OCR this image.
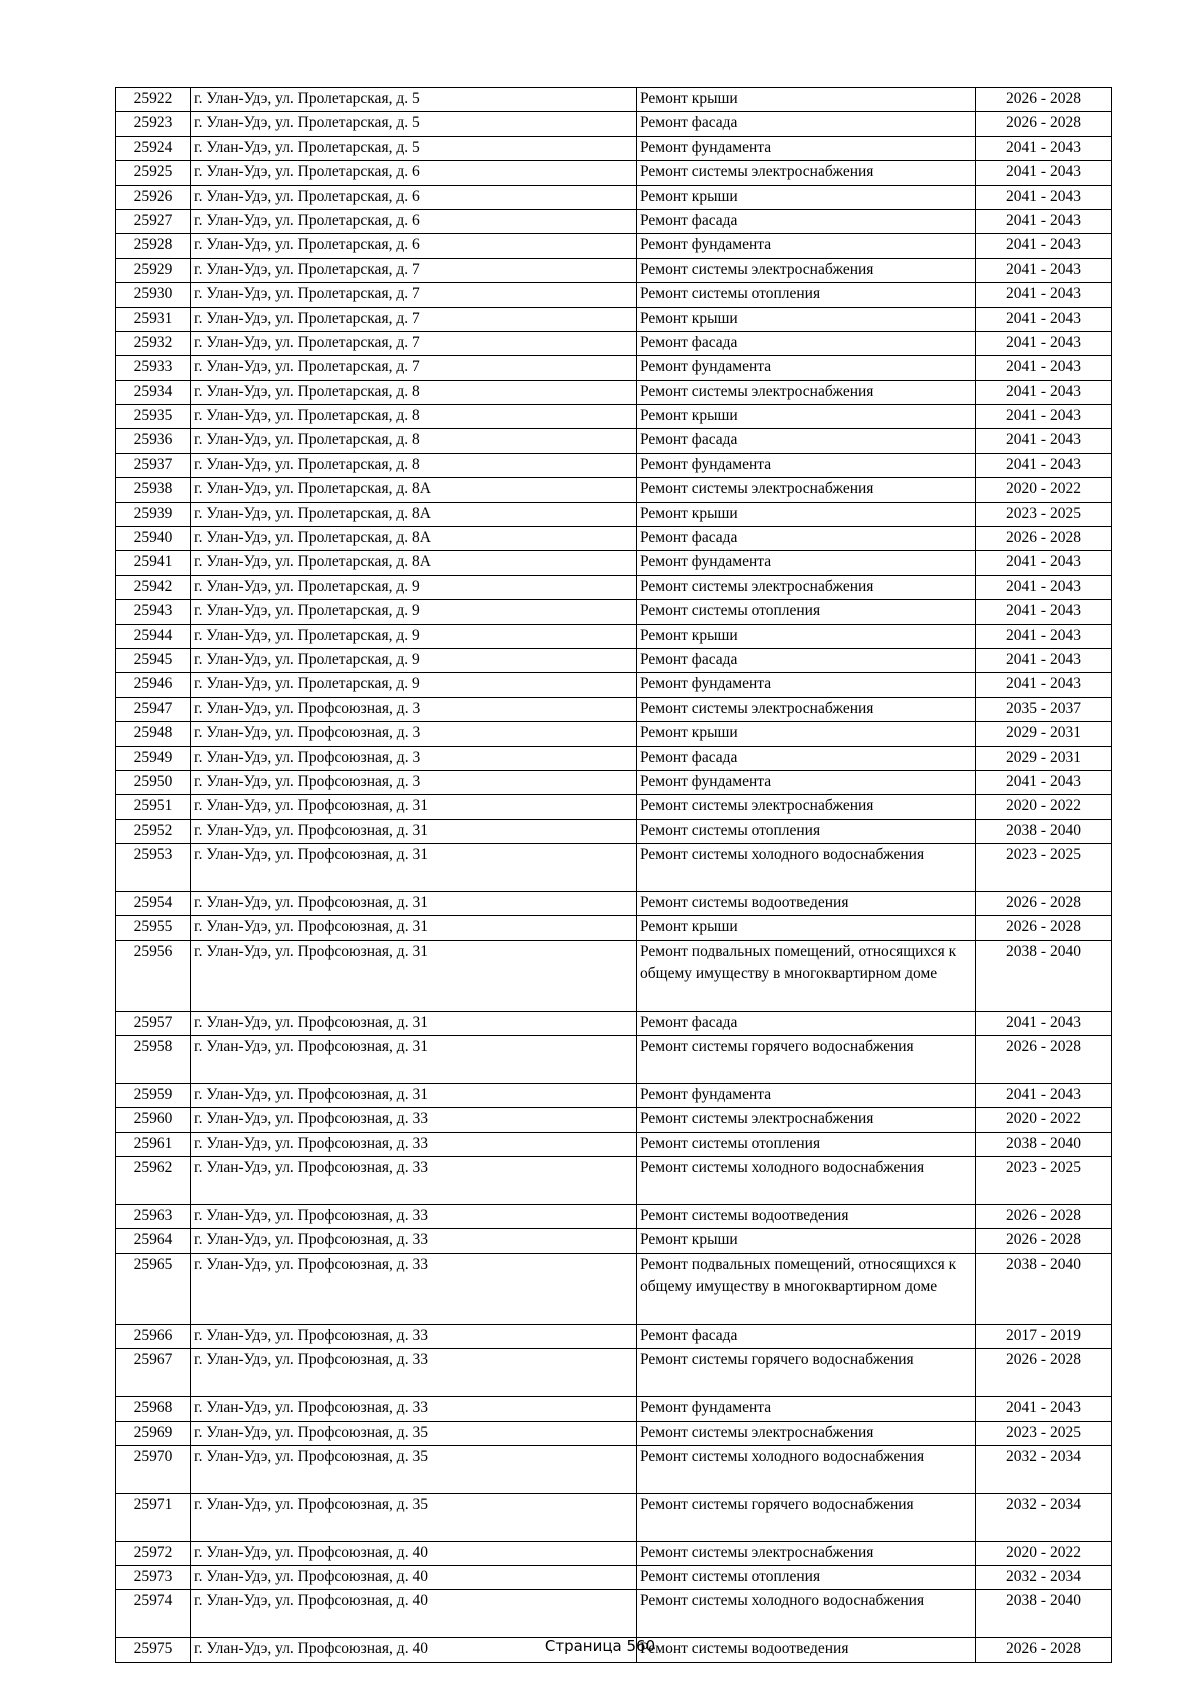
25922	г. Улан-Удэ, ул. Пролетарская, д. 5	Ремонт крыши	2026 - 2028
25923	г. Улан-Удэ, ул. Пролетарская, д. 5	Ремонт фасада	2026 - 2028
25924	г. Улан-Удэ, ул. Пролетарская, д. 5	Ремонт фундамента	2041 - 2043
25925	г. Улан-Удэ, ул. Пролетарская, д. 6	Ремонт системы электроснабжения	2041 - 2043
25926	г. Улан-Удэ, ул. Пролетарская, д. 6	Ремонт крыши	2041 - 2043
25927	г. Улан-Удэ, ул. Пролетарская, д. 6	Ремонт фасада	2041 - 2043
25928	г. Улан-Удэ, ул. Пролетарская, д. 6	Ремонт фундамента	2041 - 2043
25929	г. Улан-Удэ, ул. Пролетарская, д. 7	Ремонт системы электроснабжения	2041 - 2043
25930	г. Улан-Удэ, ул. Пролетарская, д. 7	Ремонт системы отопления	2041 - 2043
25931	г. Улан-Удэ, ул. Пролетарская, д. 7	Ремонт крыши	2041 - 2043
25932	г. Улан-Удэ, ул. Пролетарская, д. 7	Ремонт фасада	2041 - 2043
25933	г. Улан-Удэ, ул. Пролетарская, д. 7	Ремонт фундамента	2041 - 2043
25934	г. Улан-Удэ, ул. Пролетарская, д. 8	Ремонт системы электроснабжения	2041 - 2043
25935	г. Улан-Удэ, ул. Пролетарская, д. 8	Ремонт крыши	2041 - 2043
25936	г. Улан-Удэ, ул. Пролетарская, д. 8	Ремонт фасада	2041 - 2043
25937	г. Улан-Удэ, ул. Пролетарская, д. 8	Ремонт фундамента	2041 - 2043
25938	г. Улан-Удэ, ул. Пролетарская, д. 8А	Ремонт системы электроснабжения	2020 - 2022
25939	г. Улан-Удэ, ул. Пролетарская, д. 8А	Ремонт крыши	2023 - 2025
25940	г. Улан-Удэ, ул. Пролетарская, д. 8А	Ремонт фасада	2026 - 2028
25941	г. Улан-Удэ, ул. Пролетарская, д. 8А	Ремонт фундамента	2041 - 2043
25942	г. Улан-Удэ, ул. Пролетарская, д. 9	Ремонт системы электроснабжения	2041 - 2043
25943	г. Улан-Удэ, ул. Пролетарская, д. 9	Ремонт системы отопления	2041 - 2043
25944	г. Улан-Удэ, ул. Пролетарская, д. 9	Ремонт крыши	2041 - 2043
25945	г. Улан-Удэ, ул. Пролетарская, д. 9	Ремонт фасада	2041 - 2043
25946	г. Улан-Удэ, ул. Пролетарская, д. 9	Ремонт фундамента	2041 - 2043
25947	г. Улан-Удэ, ул. Профсоюзная, д. 3	Ремонт системы электроснабжения	2035 - 2037
25948	г. Улан-Удэ, ул. Профсоюзная, д. 3	Ремонт крыши	2029 - 2031
25949	г. Улан-Удэ, ул. Профсоюзная, д. 3	Ремонт фасада	2029 - 2031
25950	г. Улан-Удэ, ул. Профсоюзная, д. 3	Ремонт фундамента	2041 - 2043
25951	г. Улан-Удэ, ул. Профсоюзная, д. 31	Ремонт системы электроснабжения	2020 - 2022
25952	г. Улан-Удэ, ул. Профсоюзная, д. 31	Ремонт системы отопления	2038 - 2040
25953	г. Улан-Удэ, ул. Профсоюзная, д. 31	Ремонт системы холодного водоснабжения	2023 - 2025
25954	г. Улан-Удэ, ул. Профсоюзная, д. 31	Ремонт системы водоотведения	2026 - 2028
25955	г. Улан-Удэ, ул. Профсоюзная, д. 31	Ремонт крыши	2026 - 2028
25956	г. Улан-Удэ, ул. Профсоюзная, д. 31	Ремонт подвальных помещений, относящихся к общему имуществу в многоквартирном доме	2038 - 2040
25957	г. Улан-Удэ, ул. Профсоюзная, д. 31	Ремонт фасада	2041 - 2043
25958	г. Улан-Удэ, ул. Профсоюзная, д. 31	Ремонт системы горячего водоснабжения	2026 - 2028
25959	г. Улан-Удэ, ул. Профсоюзная, д. 31	Ремонт фундамента	2041 - 2043
25960	г. Улан-Удэ, ул. Профсоюзная, д. 33	Ремонт системы электроснабжения	2020 - 2022
25961	г. Улан-Удэ, ул. Профсоюзная, д. 33	Ремонт системы отопления	2038 - 2040
25962	г. Улан-Удэ, ул. Профсоюзная, д. 33	Ремонт системы холодного водоснабжения	2023 - 2025
25963	г. Улан-Удэ, ул. Профсоюзная, д. 33	Ремонт системы водоотведения	2026 - 2028
25964	г. Улан-Удэ, ул. Профсоюзная, д. 33	Ремонт крыши	2026 - 2028
25965	г. Улан-Удэ, ул. Профсоюзная, д. 33	Ремонт подвальных помещений, относящихся к общему имуществу в многоквартирном доме	2038 - 2040
25966	г. Улан-Удэ, ул. Профсоюзная, д. 33	Ремонт фасада	2017 - 2019
25967	г. Улан-Удэ, ул. Профсоюзная, д. 33	Ремонт системы горячего водоснабжения	2026 - 2028
25968	г. Улан-Удэ, ул. Профсоюзная, д. 33	Ремонт фундамента	2041 - 2043
25969	г. Улан-Удэ, ул. Профсоюзная, д. 35	Ремонт системы электроснабжения	2023 - 2025
25970	г. Улан-Удэ, ул. Профсоюзная, д. 35	Ремонт системы холодного водоснабжения	2032 - 2034
25971	г. Улан-Удэ, ул. Профсоюзная, д. 35	Ремонт системы горячего водоснабжения	2032 - 2034
25972	г. Улан-Удэ, ул. Профсоюзная, д. 40	Ремонт системы электроснабжения	2020 - 2022
25973	г. Улан-Удэ, ул. Профсоюзная, д. 40	Ремонт системы отопления	2032 - 2034
25974	г. Улан-Удэ, ул. Профсоюзная, д. 40	Ремонт системы холодного водоснабжения	2038 - 2040
25975	г. Улан-Удэ, ул. Профсоюзная, д. 40	Ремонт системы водоотведения	2026 - 2028
Страница 560
